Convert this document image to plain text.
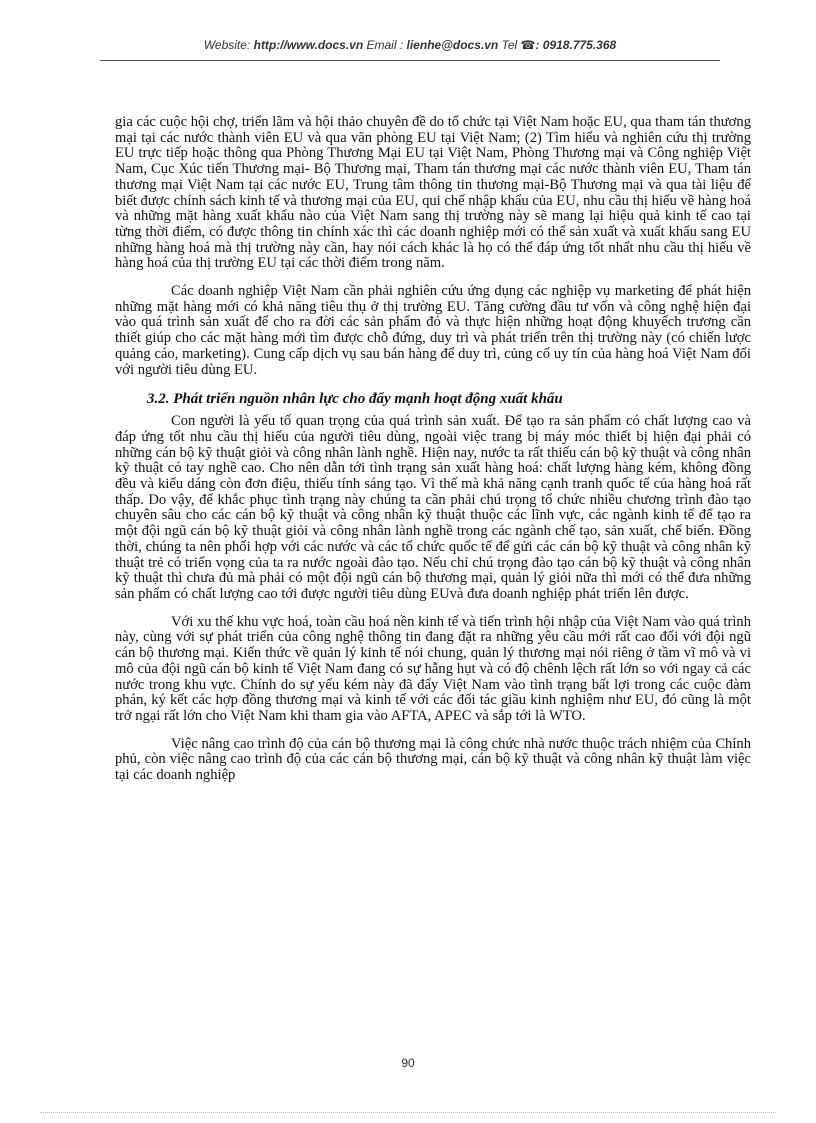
Website: http://www.docs.vn Email : lienhe@docs.vn Tel ☎: 0918.775.368

gia các cuộc hội chợ, triển lãm và hội thảo chuyên đề do tổ chức tại Việt Nam hoặc EU, qua tham tán thương mại tại các nước thành viên EU và qua văn phòng EU tại Việt Nam; (2) Tìm hiểu và nghiên cứu thị trường EU trực tiếp hoặc thông qua Phòng Thương Mại EU tại Việt Nam, Phòng Thương mại và Công nghiệp Việt Nam, Cục Xúc tiến Thương mại- Bộ Thương mại, Tham tán thương mại các nước thành viên EU, Tham tán thương mại Việt Nam tại các nước EU, Trung tâm thông tin thương mại-Bộ Thương mại và qua tài liệu để biết được chính sách kinh tế và thương mại của EU, qui chế nhập khẩu của EU, nhu cầu thị hiếu về hàng hoá và những mặt hàng xuất khẩu nào của Việt Nam sang thị trường này sẽ mang lại hiệu quả kinh tế cao tại từng thời điểm, có được thông tin chính xác thì các doanh nghiệp mới có thể sản xuất và xuất khẩu sang EU những hàng hoá mà thị trường này cần, hay nói cách khác là họ có thể đáp ứng tốt nhất nhu cầu thị hiếu về hàng hoá của thị trường EU tại các thời điểm trong năm.

Các doanh nghiệp Việt Nam cần phải nghiên cứu ứng dụng các nghiệp vụ marketing để phát hiện những mặt hàng mới có khả năng tiêu thụ ở thị trường EU. Tăng cường đầu tư vốn và công nghệ hiện đại vào quá trình sản xuất để cho ra đời các sản phẩm đó và thực hiện những hoạt động khuyếch trương cần thiết giúp cho các mặt hàng mới tìm được chỗ đứng, duy trì và phát triển trên thị trường này (có chiến lược quảng cáo, marketing). Cung cấp dịch vụ sau bán hàng để duy trì, củng cố uy tín của hàng hoá Việt Nam đối với người tiêu dùng EU.

3.2. Phát triển nguồn nhân lực cho đẩy mạnh hoạt động xuất khẩu

Con người là yếu tố quan trọng của quá trình sản xuất. Để tạo ra sản phẩm có chất lượng cao và đáp ứng tốt nhu cầu thị hiếu của người tiêu dùng, ngoài việc trang bị máy móc thiết bị hiện đại phải có những cán bộ kỹ thuật giỏi và công nhân lành nghề. Hiện nay, nước ta rất thiếu cán bộ kỹ thuật và công nhân kỹ thuật có tay nghề cao. Cho nên dẫn tới tình trạng sản xuất hàng hoá: chất lượng hàng kém, không đồng đều và kiểu dáng còn đơn điệu, thiếu tính sáng tạo. Vì thế mà khả năng cạnh tranh quốc tế của hàng hoá rất thấp. Do vậy, để khắc phục tình trạng này chúng ta cần phải chú trọng tổ chức nhiều chương trình đào tạo chuyên sâu cho các cán bộ kỹ thuật và công nhân kỹ thuật thuộc các lĩnh vực, các ngành kinh tế để tạo ra một đội ngũ cán bộ kỹ thuật giỏi và công nhân lành nghề trong các ngành chế tạo, sản xuất, chế biến. Đồng thời, chúng ta nên phối hợp với các nước và các tổ chức quốc tế để gửi các cán bộ kỹ thuật và công nhân kỹ thuật trẻ có triển vọng của ta ra nước ngoài đào tạo. Nếu chỉ chú trọng đào tạo cán bộ kỹ thuật và công nhân kỹ thuật thì chưa đủ mà phải có một đội ngũ cán bộ thương mại, quản lý giỏi nữa thì mới có thể đưa những sản phẩm có chất lượng cao tới được người tiêu dùng EUvà đưa doanh nghiệp phát triển lên được.

Với xu thế khu vực hoá, toàn cầu hoá nền kinh tế và tiến trình hội nhập của Việt Nam vào quá trình này, cùng với sự phát triển của công nghệ thông tin đang đặt ra những yêu cầu mới rất cao đối với đội ngũ cán bộ thương mại. Kiến thức về quản lý kinh tế nói chung, quản lý thương mại nói riêng ở tầm vĩ mô và vi mô của đội ngũ cán bộ kinh tế Việt Nam đang có sự hẫng hụt và có độ chênh lệch rất lớn so với ngay cả các nước trong khu vực. Chính do sự yếu kém này đã đẩy Việt Nam vào tình trạng bất lợi trong các cuộc đàm phán, ký kết các hợp đồng thương mại và kinh tế với các đối tác giầu kinh nghiệm như EU, đó cũng là một trở ngại rất lớn cho Việt Nam khi tham gia vào AFTA, APEC và sắp tới là WTO.

Việc nâng cao trình độ của cán bộ thương mại là công chức nhà nước thuộc trách nhiệm của Chính phủ, còn việc nâng cao trình độ của các cán bộ thương mại, cán bộ kỹ thuật và công nhân kỹ thuật làm việc tại các doanh nghiệp

90
